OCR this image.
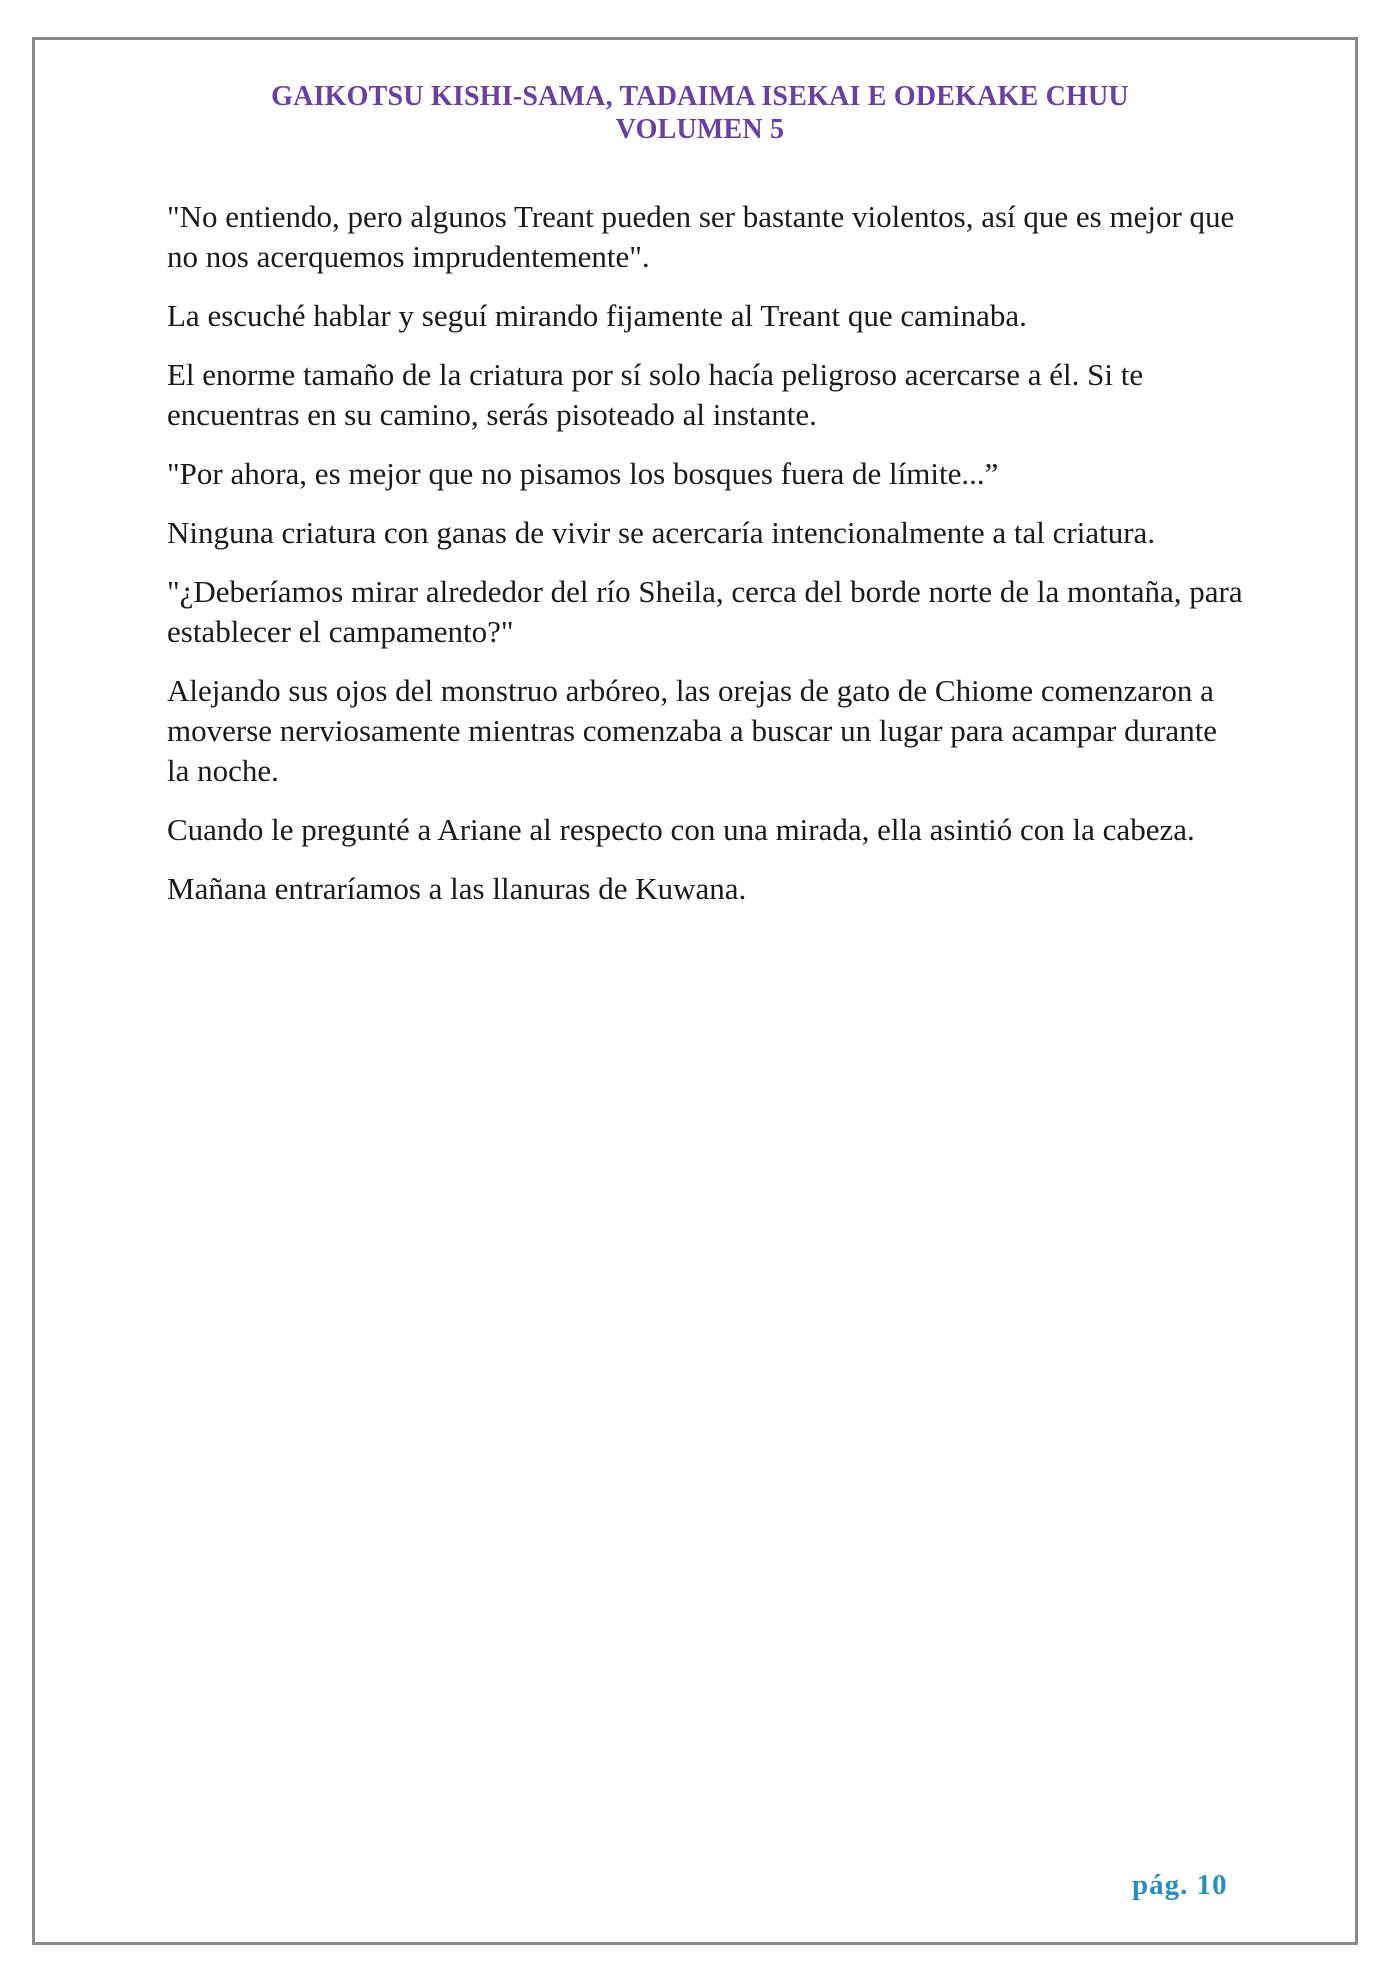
GAIKOTSU KISHI-SAMA, TADAIMA ISEKAI E ODEKAKE CHUU
VOLUMEN 5

"No entiendo, pero algunos Treant pueden ser bastante violentos, así que es mejor que no nos acerquemos imprudentemente".

La escuché hablar y seguí mirando fijamente al Treant que caminaba.

El enorme tamaño de la criatura por sí solo hacía peligroso acercarse a él. Si te encuentras en su camino, serás pisoteado al instante.

"Por ahora, es mejor que no pisamos los bosques fuera de límite...”

Ninguna criatura con ganas de vivir se acercaría intencionalmente a tal criatura.

"¿Deberíamos mirar alrededor del río Sheila, cerca del borde norte de la montaña, para establecer el campamento?"

Alejando sus ojos del monstruo arbóreo, las orejas de gato de Chiome comenzaron a moverse nerviosamente mientras comenzaba a buscar un lugar para acampar durante la noche.

Cuando le pregunté a Ariane al respecto con una mirada, ella asintió con la cabeza.

Mañana entraríamos a las llanuras de Kuwana.

pág. 10
